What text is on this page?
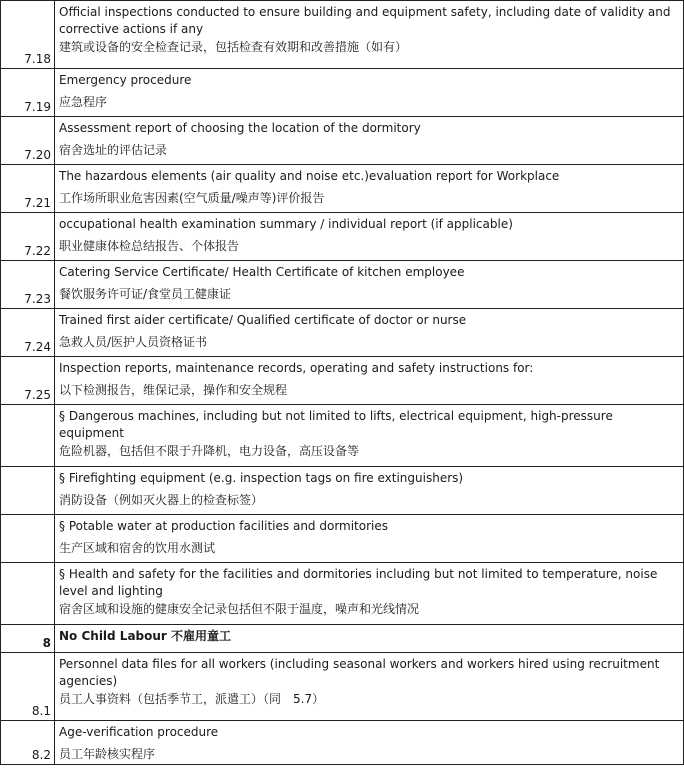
7.18	Official inspections conducted to ensure building and equipment safety, including date of validity and corrective actions if any
建筑或设备的安全检查记录，包括检查有效期和改善措施（如有）

7.19	Emergency procedure
应急程序

7.20	Assessment report of choosing the location of the dormitory
宿舍选址的评估记录

7.21	The hazardous elements (air quality and noise etc.)evaluation report for Workplace
工作场所职业危害因素(空气质量/噪声等)评价报告

7.22	occupational health examination summary / individual report (if applicable)
职业健康体检总结报告、个体报告

7.23	Catering Service Certificate/ Health Certificate of kitchen employee
餐饮服务许可证/食堂员工健康证

7.24	Trained first aider certificate/ Qualified certificate of doctor or nurse
急救人员/医护人员资格证书

7.25	Inspection reports, maintenance records, operating and safety instructions for:
以下检测报告，维保记录，操作和安全规程

	§ Dangerous machines, including but not limited to lifts, electrical equipment, high-pressure equipment
危险机器，包括但不限于升降机，电力设备，高压设备等

	§ Firefighting equipment (e.g. inspection tags on fire extinguishers)
消防设备（例如灭火器上的检查标签）

	§ Potable water at production facilities and dormitories
生产区域和宿舍的饮用水测试

	§ Health and safety for the facilities and dormitories including but not limited to temperature, noise level and lighting
宿舍区域和设施的健康安全记录包括但不限于温度，噪声和光线情况

8	No Child Labour 不雇用童工

8.1	Personnel data files for all workers (including seasonal workers and workers hired using recruitment agencies)
员工人事资料（包括季节工，派遣工）（同　5.7）

8.2	Age-verification procedure
员工年龄核实程序
